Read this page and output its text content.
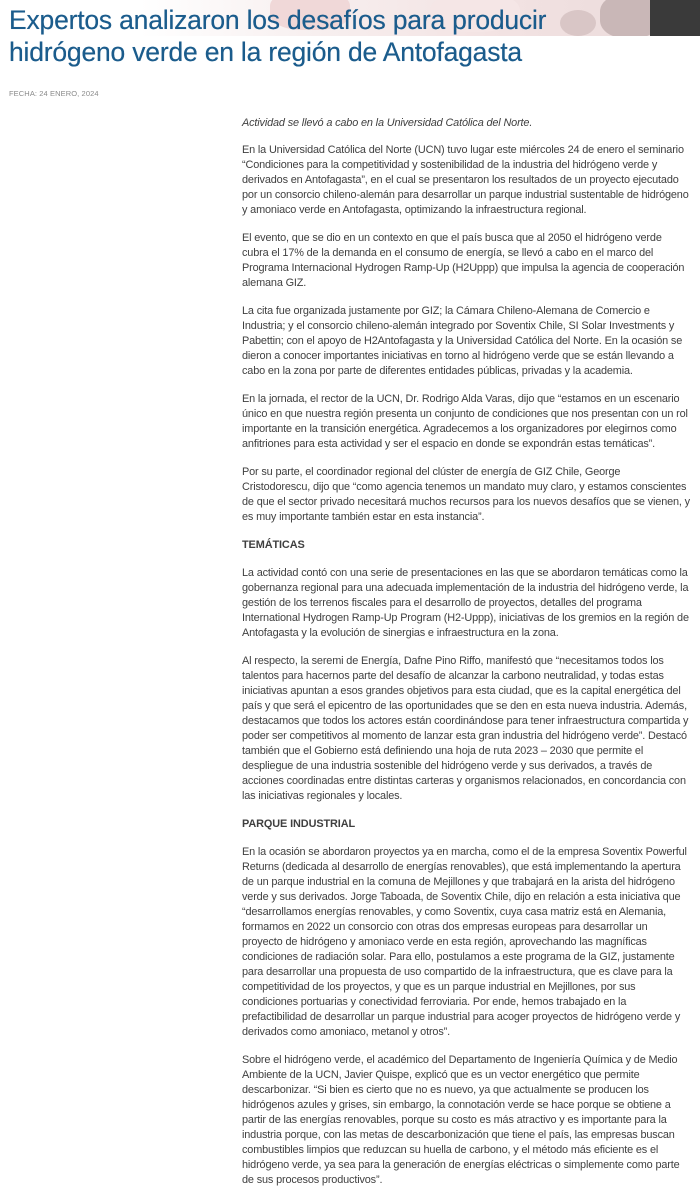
Expertos analizaron los desafíos para producir hidrógeno verde en la región de Antofagasta
FECHA: 24 ENERO, 2024

Actividad se llevó a cabo en la Universidad Católica del Norte.

En la Universidad Católica del Norte (UCN) tuvo lugar este miércoles 24 de enero el seminario “Condiciones para la competitividad y sostenibilidad de la industria del hidrógeno verde y derivados en Antofagasta”, en el cual se presentaron los resultados de un proyecto ejecutado por un consorcio chileno-alemán para desarrollar un parque industrial sustentable de hidrógeno y amoniaco verde en Antofagasta, optimizando la infraestructura regional.

El evento, que se dio en un contexto en que el país busca que al 2050 el hidrógeno verde cubra el 17% de la demanda en el consumo de energía, se llevó a cabo en el marco del Programa Internacional Hydrogen Ramp-Up (H2Uppp) que impulsa la agencia de cooperación alemana GIZ.

La cita fue organizada justamente por GIZ; la Cámara Chileno-Alemana de Comercio e Industria; y el consorcio chileno-alemán integrado por Soventix Chile, SI Solar Investments y Pabettin; con el apoyo de H2Antofagasta y la Universidad Católica del Norte. En la ocasión se dieron a conocer importantes iniciativas en torno al hidrógeno verde que se están llevando a cabo en la zona por parte de diferentes entidades públicas, privadas y la academia.

En la jornada, el rector de la UCN, Dr. Rodrigo Alda Varas, dijo que “estamos en un escenario único en que nuestra región presenta un conjunto de condiciones que nos presentan con un rol importante en la transición energética. Agradecemos a los organizadores por elegirnos como anfitriones para esta actividad y ser el espacio en donde se expondrán estas temáticas”.

Por su parte, el coordinador regional del clúster de energía de GIZ Chile, George Cristodorescu, dijo que “como agencia tenemos un mandato muy claro, y estamos conscientes de que el sector privado necesitará muchos recursos para los nuevos desafíos que se vienen, y es muy importante también estar en esta instancia”.

TEMÁTICAS

La actividad contó con una serie de presentaciones en las que se abordaron temáticas como la gobernanza regional para una adecuada implementación de la industria del hidrógeno verde, la gestión de los terrenos fiscales para el desarrollo de proyectos, detalles del programa International Hydrogen Ramp-Up Program (H2-Uppp), iniciativas de los gremios en la región de Antofagasta y la evolución de sinergias e infraestructura en la zona.

Al respecto, la seremi de Energía, Dafne Pino Riffo, manifestó que “necesitamos todos los talentos para hacernos parte del desafío de alcanzar la carbono neutralidad, y todas estas iniciativas apuntan a esos grandes objetivos para esta ciudad, que es la capital energética del país y que será el epicentro de las oportunidades que se den en esta nueva industria. Además, destacamos que todos los actores están coordinándose para tener infraestructura compartida y poder ser competitivos al momento de lanzar esta gran industria del hidrógeno verde”. Destacó también que el Gobierno está definiendo una hoja de ruta 2023 – 2030 que permite el despliegue de una industria sostenible del hidrógeno verde y sus derivados, a través de acciones coordinadas entre distintas carteras y organismos relacionados, en concordancia con las iniciativas regionales y locales.

PARQUE INDUSTRIAL

En la ocasión se abordaron proyectos ya en marcha, como el de la empresa Soventix Powerful Returns (dedicada al desarrollo de energías renovables), que está implementando la apertura de un parque industrial en la comuna de Mejillones y que trabajará en la arista del hidrógeno verde y sus derivados. Jorge Taboada, de Soventix Chile, dijo en relación a esta iniciativa que “desarrollamos energías renovables, y como Soventix, cuya casa matriz está en Alemania, formamos en 2022 un consorcio con otras dos empresas europeas para desarrollar un proyecto de hidrógeno y amoniaco verde en esta región, aprovechando las magníficas condiciones de radiación solar. Para ello, postulamos a este programa de la GIZ, justamente para desarrollar una propuesta de uso compartido de la infraestructura, que es clave para la competitividad de los proyectos, y que es un parque industrial en Mejillones, por sus condiciones portuarias y conectividad ferroviaria. Por ende, hemos trabajado en la prefactibilidad de desarrollar un parque industrial para acoger proyectos de hidrógeno verde y derivados como amoniaco, metanol y otros”.

Sobre el hidrógeno verde, el académico del Departamento de Ingeniería Química y de Medio Ambiente de la UCN, Javier Quispe, explicó que es un vector energético que permite descarbonizar. “Si bien es cierto que no es nuevo, ya que actualmente se producen los hidrógenos azules y grises, sin embargo, la connotación verde se hace porque se obtiene a partir de las energías renovables, porque su costo es más atractivo y es importante para la industria porque, con las metas de descarbonización que tiene el país, las empresas buscan combustibles limpios que reduzcan su huella de carbono, y el método más eficiente es el hidrógeno verde, ya sea para la generación de energías eléctricas o simplemente como parte de sus procesos productivos”.
